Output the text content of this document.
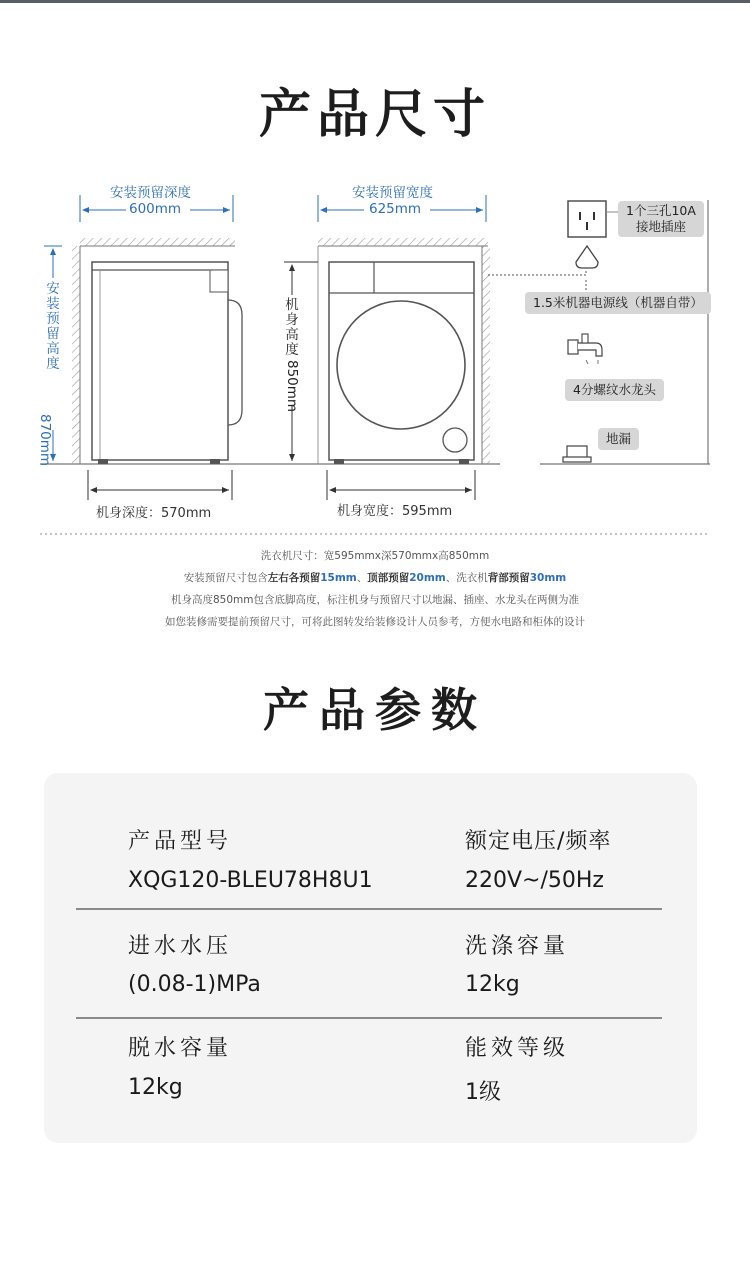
产品尺寸
安装预留深度
600mm
安装预留高度
870mm
机身深度：570mm
安装预留宽度
625mm
机身高度
850mm
机身宽度：595mm
1个三孔10A
接地插座
1.5米机器电源线（机器自带）
4分螺纹水龙头
地漏
洗衣机尺寸：宽595mmx深570mmx高850mm
安装预留尺寸包含左右各预留15mm、顶部预留20mm、洗衣机背部预留30mm
机身高度850mm包含底脚高度，标注机身与预留尺寸以地漏、插座、水龙头在两侧为准
如您装修需要提前预留尺寸，可将此图转发给装修设计人员参考，方便水电路和柜体的设计
产品参数
产品型号
XQG120-BLEU78H8U1
额定电压/频率
220V~/50Hz
进水水压
(0.08-1)MPa
洗涤容量
12kg
脱水容量
12kg
能效等级
1级
